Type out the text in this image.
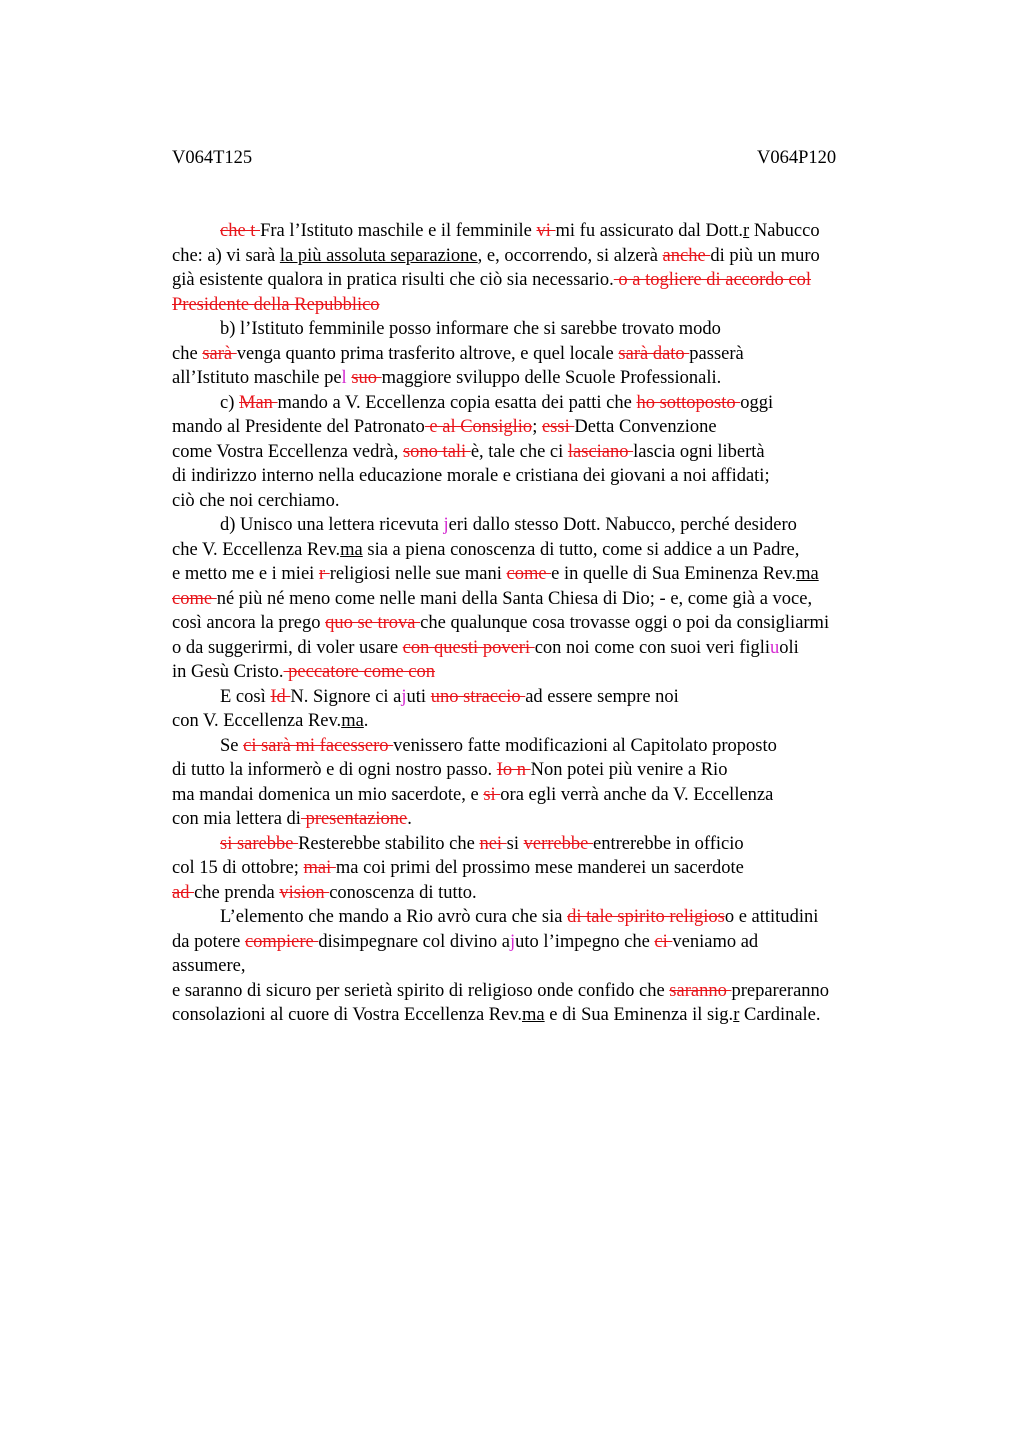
V064T125	V064P120
che t Fra l’Istituto maschile e il femminile vi mi fu assicurato dal Dott.r Nabucco
che: a) vi sarà la più assoluta separazione, e, occorrendo, si alzerà anche di più un muro
già esistente qualora in pratica risulti che ciò sia necessario. o a togliere di accordo col
Presidente della Repubblico
b) l’Istituto femminile posso informare che si sarebbe trovato modo
che sarà venga quanto prima trasferito altrove, e quel locale sarà dato passerà
all’Istituto maschile pel suo maggiore sviluppo delle Scuole Professionali.
c) Man mando a V. Eccellenza copia esatta dei patti che ho sottoposto oggi
mando al Presidente del Patronato e al Consiglio; essi Detta Convenzione
come Vostra Eccellenza vedrà, sono tali è, tale che ci lasciano lascia ogni libertà
di indirizzo interno nella educazione morale e cristiana dei giovani a noi affidati;
ciò che noi cerchiamo.
d) Unisco una lettera ricevuta jeri dallo stesso Dott. Nabucco, perché desidero
che V. Eccellenza Rev.ma sia a piena conoscenza di tutto, come si addice a un Padre,
e metto me e i miei r religiosi nelle sue mani come e in quelle di Sua Eminenza Rev.ma
come né più né meno come nelle mani della Santa Chiesa di Dio; - e, come già a voce,
così ancora la prego quo se trova che qualunque cosa trovasse oggi o poi da consigliarmi
o da suggerirmi, di voler usare con questi poveri con noi come con suoi veri figliuoli
in Gesù Cristo. peccatore come con
E così Id N. Signore ci ajuti uno straccio ad essere sempre noi
con V. Eccellenza Rev.ma.
Se ci sarà mi facessero venissero fatte modificazioni al Capitolato proposto
di tutto la informerò e di ogni nostro passo. Io n Non potei più venire a Rio
ma mandai domenica un mio sacerdote, e si ora egli verrà anche da V. Eccellenza
con mia lettera di presentazione.
si sarebbe Resterebbe stabilito che nei si verrebbe entrerebbe in officio
col 15 di ottobre; mai ma coi primi del prossimo mese manderei un sacerdote
ad che prenda vision conoscenza di tutto.
L’elemento che mando a Rio avrò cura che sia di tale spirito religioso e attitudini
da potere compiere disimpegnare col divino ajuto l’impegno che ci veniamo ad
assumere,
e saranno di sicuro per serietà spirito di religioso onde confido che saranno prepareranno
consolazioni al cuore di Vostra Eccellenza Rev.ma e di Sua Eminenza il sig.r Cardinale.
